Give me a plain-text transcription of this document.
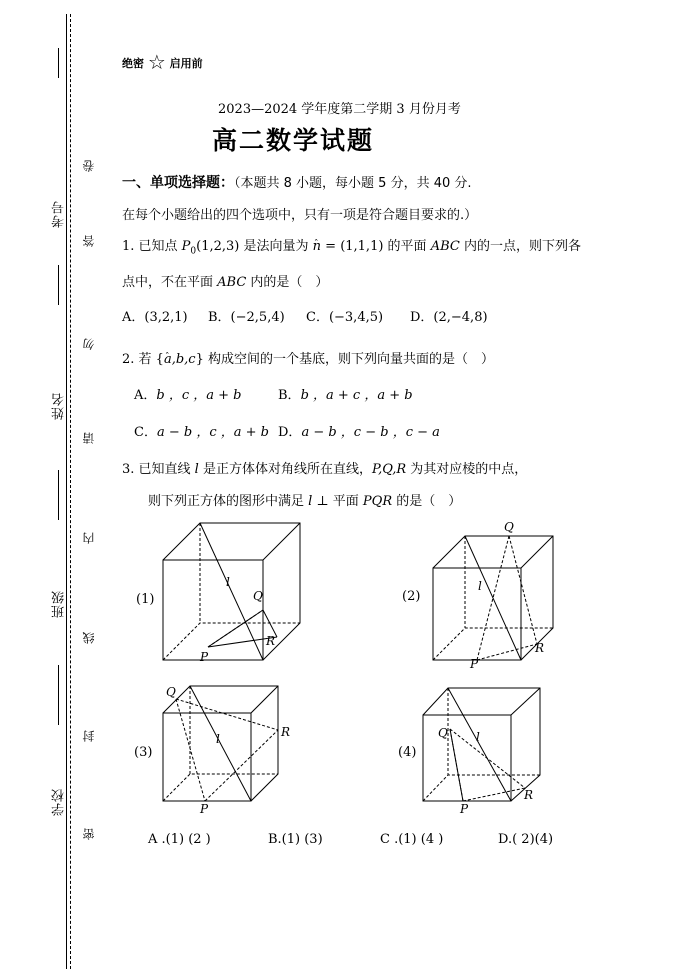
考号
姓名
班级
学校
卷
答
勿
请
内
线
封
密
绝密 ☆ 启用前
2023—2024 学年度第二学期 3 月份月考
高二数学试题
一、单项选择题：（本题共 8 小题，每小题 5 分，共 40 分.
在每个小题给出的四个选项中，只有一项是符合题目要求的.）
1. 已知点 $P_0(1,2,3)$ 是法向量为 ˇ n = (1,1,1) 的平面 ABC 内的一点，则下列各
点中，不在平面 ABC 内的是（　）
A．(3,2,1) B．(−2,5,4) C．(−3,4,5) D．(2,−4,8)
2. 若 {ˇ a,b,c} 构成空间的一个基底，则下列向量共面的是（　）
A．b ，c ，a + b	B．b ，a + c ，a + b
C．a − b ，c ，a + b D．a − b ，c − b ，c − a
3. 已知直线 l 是正方体体对角线所在直线，P,Q,R 为其对应棱的中点，
则下列正方体的图形中满足 l ⊥ 平面 PQR 的是（　）
(1)	(2)
(3)	(4)
l
Q
R
P
Q
l
R
P
Q
R
l
P
Q l
R
P
A .(1) (2 )	B.(1) (3)	C .(1) (4 )	D.( 2)(4)
